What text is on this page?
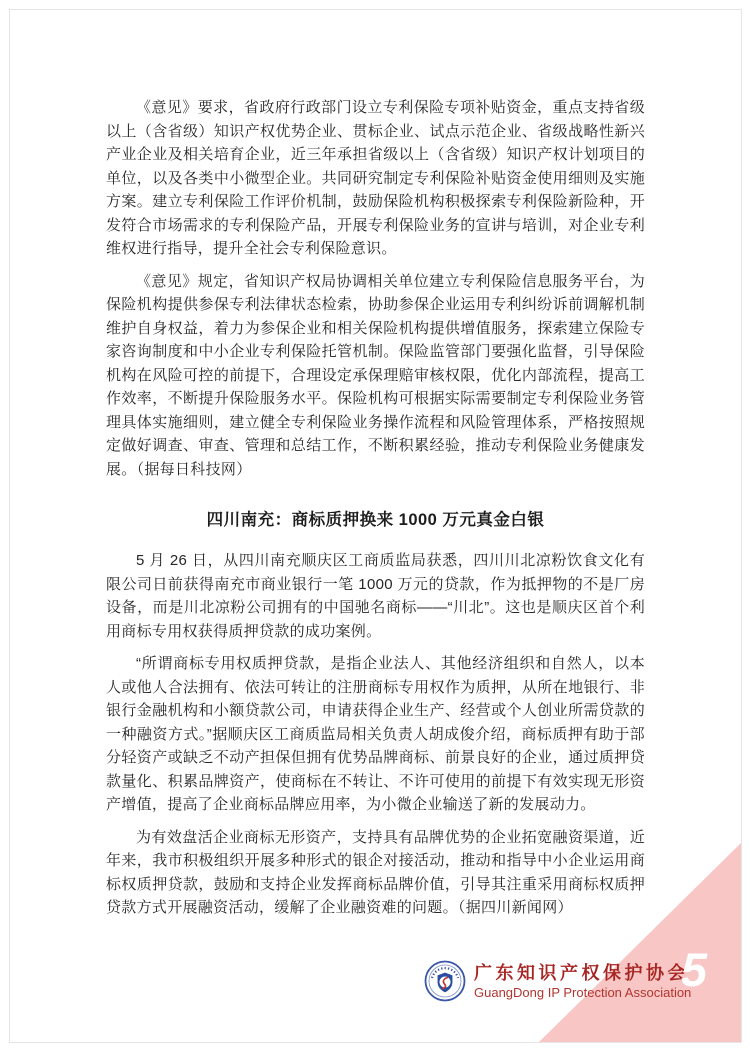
《意见》要求，省政府行政部门设立专利保险专项补贴资金，重点支持省级以上（含省级）知识产权优势企业、贯标企业、试点示范企业、省级战略性新兴产业企业及相关培育企业，近三年承担省级以上（含省级）知识产权计划项目的单位，以及各类中小微型企业。共同研究制定专利保险补贴资金使用细则及实施方案。建立专利保险工作评价机制，鼓励保险机构积极探索专利保险新险种，开发符合市场需求的专利保险产品，开展专利保险业务的宣讲与培训，对企业专利维权进行指导，提升全社会专利保险意识。

《意见》规定，省知识产权局协调相关单位建立专利保险信息服务平台，为保险机构提供参保专利法律状态检索，协助参保企业运用专利纠纷诉前调解机制维护自身权益，着力为参保企业和相关保险机构提供增值服务，探索建立保险专家咨询制度和中小企业专利保险托管机制。保险监管部门要强化监督，引导保险机构在风险可控的前提下，合理设定承保理赔审核权限，优化内部流程，提高工作效率，不断提升保险服务水平。保险机构可根据实际需要制定专利保险业务管理具体实施细则，建立健全专利保险业务操作流程和风险管理体系，严格按照规定做好调查、审查、管理和总结工作，不断积累经验，推动专利保险业务健康发展。（据每日科技网）

四川南充：商标质押换来 1000 万元真金白银

5 月 26 日，从四川南充顺庆区工商质监局获悉，四川川北凉粉饮食文化有限公司日前获得南充市商业银行一笔 1000 万元的贷款，作为抵押物的不是厂房设备，而是川北凉粉公司拥有的中国驰名商标——“川北”。这也是顺庆区首个利用商标专用权获得质押贷款的成功案例。

“所谓商标专用权质押贷款，是指企业法人、其他经济组织和自然人，以本人或他人合法拥有、依法可转让的注册商标专用权作为质押，从所在地银行、非银行金融机构和小额贷款公司，申请获得企业生产、经营或个人创业所需贷款的一种融资方式。”据顺庆区工商质监局相关负责人胡成俊介绍，商标质押有助于部分轻资产或缺乏不动产担保但拥有优势品牌商标、前景良好的企业，通过质押贷款量化、积累品牌资产，使商标在不转让、不许可使用的前提下有效实现无形资产增值，提高了企业商标品牌应用率，为小微企业输送了新的发展动力。

为有效盘活企业商标无形资产，支持具有品牌优势的企业拓宽融资渠道，近年来，我市积极组织开展多种形式的银企对接活动，推动和指导中小企业运用商标权质押贷款，鼓励和支持企业发挥商标品牌价值，引导其注重采用商标权质押贷款方式开展融资活动，缓解了企业融资难的问题。（据四川新闻网）

广东知识产权保护协会
GuangDong IP Protection Association
5
